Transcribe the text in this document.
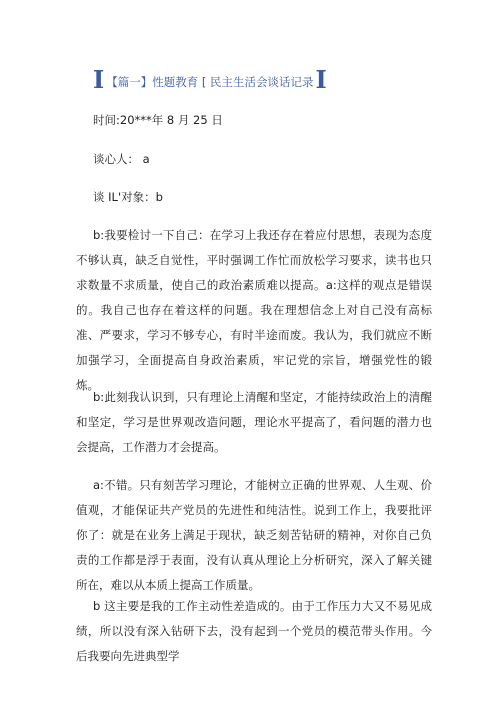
I 【篇一】性题教育 [ 民主生活会谈话记录 I
时间:20***年 8 月 25 日
谈心人： a
谈 IL'对象：b

b:我要检讨一下自己：在学习上我还存在着应付思想，表现为态度不够认真，缺乏自觉性，平时强调工作忙而放松学习要求，读书也只求数量不求质量，使自己的政治素质难以提高。a:这样的观点是错误的。我自己也存在着这样的问题。我在理想信念上对自己没有高标准、严要求，学习不够专心，有时半途而废。我认为，我们就应不断加强学习，全面提高自身政治素质，牢记党的宗旨，增强党性的锻炼。

b:此刻我认识到，只有理论上清醒和坚定，才能持续政治上的清醒和坚定，学习是世界观改造问题，理论水平提高了，看问题的潜力也会提高，工作潜力才会提高。

a:不错。只有刻苦学习理论，才能树立正确的世界观、人生观、价值观，才能保证共产党员的先进性和纯洁性。说到工作上，我要批评你了：就是在业务上满足于现状，缺乏刻苦钻研的精神，对你自己负责的工作都是浮于表面，没有认真从理论上分析研究，深入了解关键所在，难以从本质上提高工作质量。

b 这主要是我的工作主动性差造成的。由于工作压力大又不易见成绩，所以没有深入钻研下去，没有起到一个党员的模范带头作用。今后我要向先进典型学
